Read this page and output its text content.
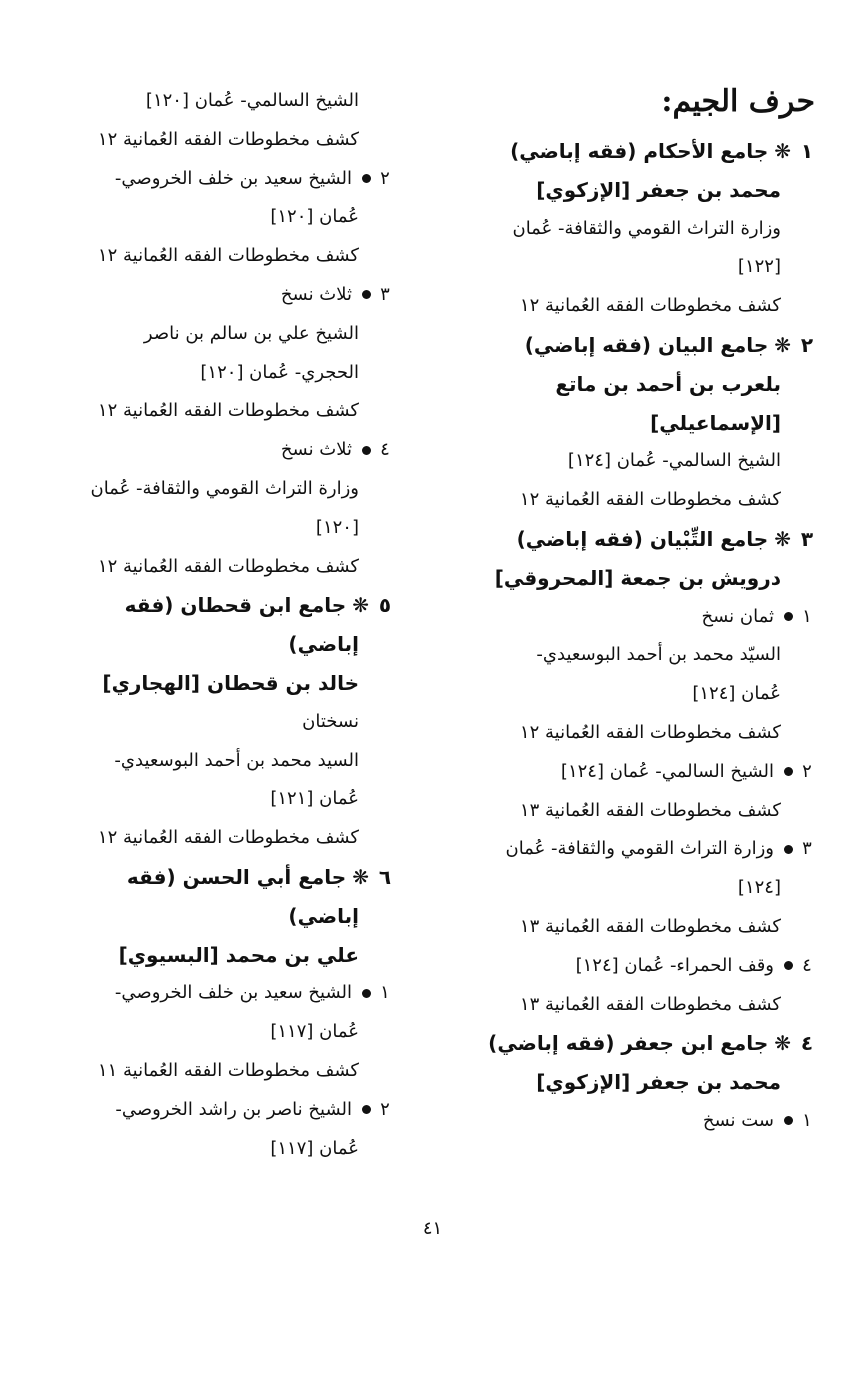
حرف الجيم:
١❋جامع الأحكام (فقه إباضي)
محمد بن جعفر [الإزكوي]
وزارة التراث القومي والثقافة- عُمان
[١٢٢]
كشف مخطوطات الفقه العُمانية ١٢
٢❋جامع البيان (فقه إباضي)
بلعرب بن أحمد بن ماتع
[الإسماعيلي]
الشيخ السالمي- عُمان [١٢٤]
كشف مخطوطات الفقه العُمانية ١٢
٣❋جامع التِّبْيان (فقه إباضي)
درويش بن جمعة [المحروقي]
١ثمان نسخ
السيّد محمد بن أحمد البوسعيدي-
عُمان [١٢٤]
كشف مخطوطات الفقه العُمانية ١٢
٢الشيخ السالمي- عُمان [١٢٤]
كشف مخطوطات الفقه العُمانية ١٣
٣وزارة التراث القومي والثقافة- عُمان
[١٢٤]
كشف مخطوطات الفقه العُمانية ١٣
٤وقف الحمراء- عُمان [١٢٤]
كشف مخطوطات الفقه العُمانية ١٣
٤❋جامع ابن جعفر (فقه إباضي)
محمد بن جعفر [الإزكوي]
١ست نسخ
الشيخ السالمي- عُمان [١٢٠]
كشف مخطوطات الفقه العُمانية ١٢
٢الشيخ سعيد بن خلف الخروصي-
عُمان [١٢٠]
كشف مخطوطات الفقه العُمانية ١٢
٣ثلاث نسخ
الشيخ علي بن سالم بن ناصر
الحجري- عُمان [١٢٠]
كشف مخطوطات الفقه العُمانية ١٢
٤ثلاث نسخ
وزارة التراث القومي والثقافة- عُمان
[١٢٠]
كشف مخطوطات الفقه العُمانية ١٢
٥❋جامع ابن قحطان (فقه
إباضي)
خالد بن قحطان [الهجاري]
نسختان
السيد محمد بن أحمد البوسعيدي-
عُمان [١٢١]
كشف مخطوطات الفقه العُمانية ١٢
٦❋جامع أبي الحسن (فقه
إباضي)
علي بن محمد [البسيوي]
١الشيخ سعيد بن خلف الخروصي-
عُمان [١١٧]
كشف مخطوطات الفقه العُمانية ١١
٢الشيخ ناصر بن راشد الخروصي-
عُمان [١١٧]
٤١
